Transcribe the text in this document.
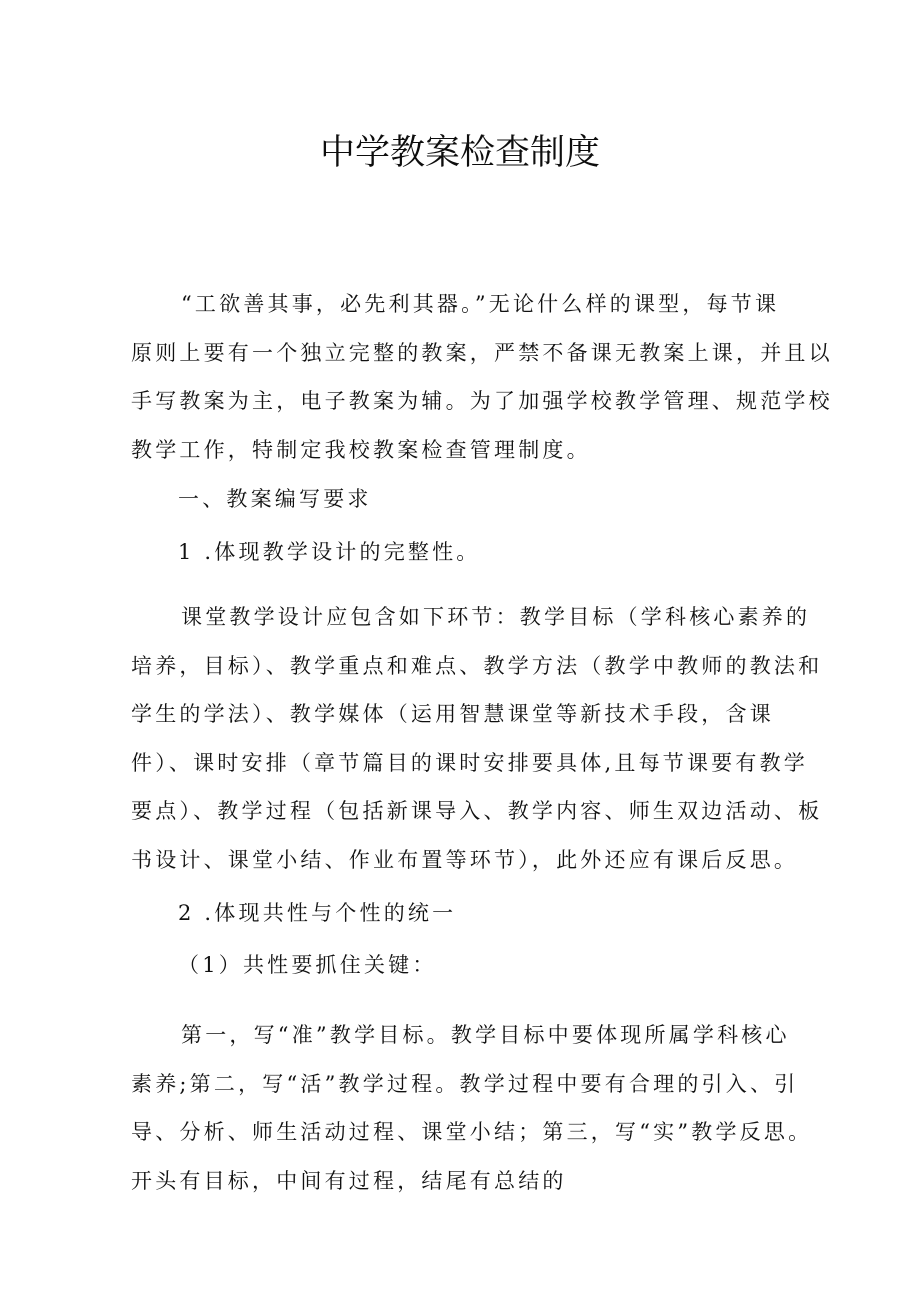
中学教案检查制度
“工欲善其事，必先利其器。”无论什么样的课型，每节课
原则上要有一个独立完整的教案，严禁不备课无教案上课，并且以
手写教案为主，电子教案为辅。为了加强学校教学管理、规范学校
教学工作，特制定我校教案检查管理制度。
一、教案编写要求
1 .体现教学设计的完整性。
课堂教学设计应包含如下环节：教学目标（学科核心素养的
培养，目标）、教学重点和难点、教学方法（教学中教师的教法和
学生的学法）、教学媒体（运用智慧课堂等新技术手段，含课
件）、课时安排（章节篇目的课时安排要具体,且每节课要有教学
要点）、教学过程（包括新课导入、教学内容、师生双边活动、板
书设计、课堂小结、作业布置等环节），此外还应有课后反思。
2 .体现共性与个性的统一
（1）共性要抓住关键：
第一，写“准”教学目标。教学目标中要体现所属学科核心
素养;第二，写“活”教学过程。教学过程中要有合理的引入、引
导、分析、师生活动过程、课堂小结；第三，写“实”教学反思。
开头有目标，中间有过程，结尾有总结的
